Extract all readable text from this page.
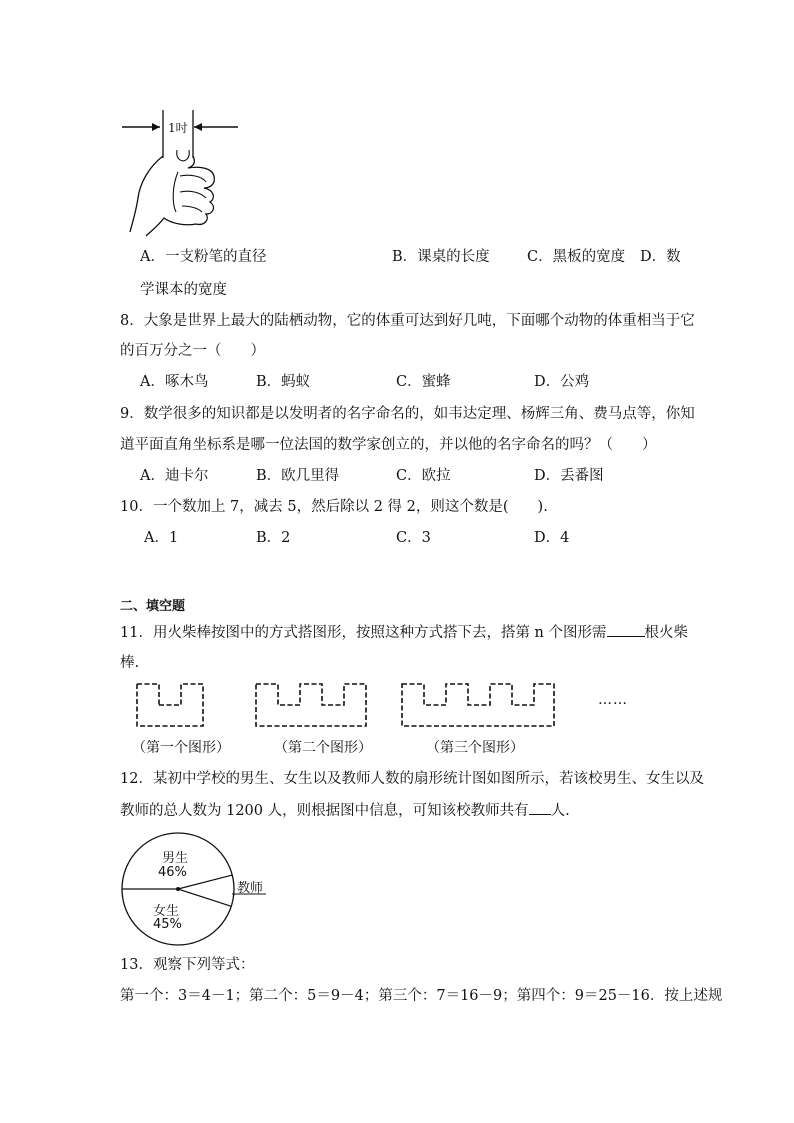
1吋
A．一支粉笔的直径	B．课桌的长度	C．黑板的宽度 D．数
学课本的宽度
8．大象是世界上最大的陆栖动物，它的体重可达到好几吨，下面哪个动物的体重相当于它
的百万分之一（　　）
A．啄木鸟	B．蚂蚁	C．蜜蜂	D．公鸡
9．数学很多的知识都是以发明者的名字命名的，如韦达定理、杨辉三角、费马点等，你知
道平面直角坐标系是哪一位法国的数学家创立的，并以他的名字命名的吗？（　　）
A．迪卡尔	B．欧几里得	C．欧拉	D．丢番图
10．一个数加上 7，减去 5，然后除以 2 得 2，则这个数是(　　).
A．1	B．2	C．3	D．4
二、填空题
11．用火柴棒按图中的方式搭图形，按照这种方式搭下去，搭第 n 个图形需	根火柴
棒.
（第一个图形）	（第二个图形）	（第三个图形）
……
12．某初中学校的男生、女生以及教师人数的扇形统计图如图所示，若该校男生、女生以及
教师的总人数为 1200 人，则根据图中信息，可知该校教师共有 人.
男生
46%
女生
45%
教师
13．观察下列等式：
第一个：3＝4－1；第二个：5＝9－4；第三个：7＝16－9；第四个：9＝25－16．按上述规
